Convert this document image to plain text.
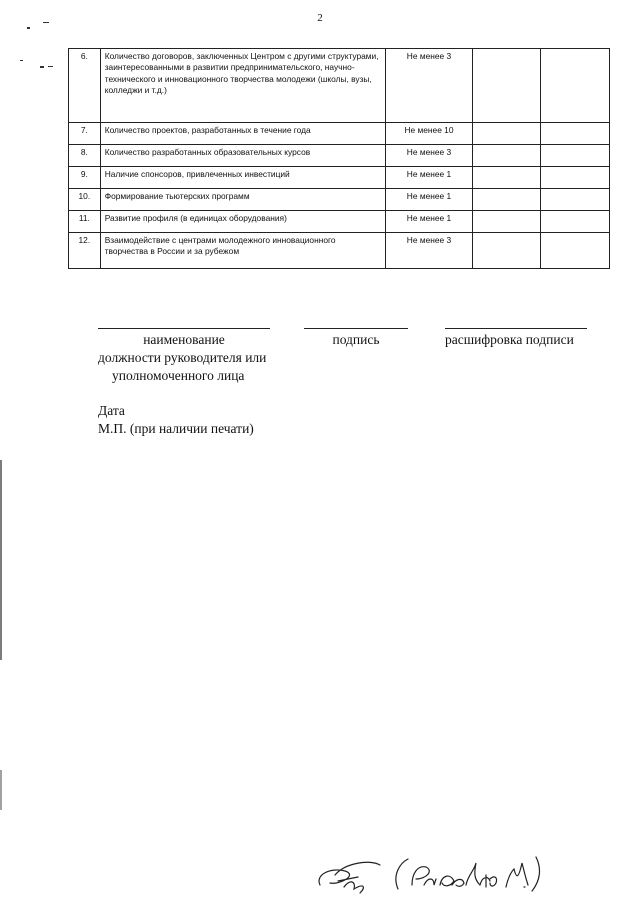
2
6.	Количество договоров, заключенных Центром с другими структурами, заинтересованными в развитии предпринимательского, научно-технического и инновационного творчества молодежи (школы, вузы, колледжи и т.д.)	Не менее 3		
7.	Количество проектов, разработанных в течение года	Не менее 10		
8.	Количество разработанных образовательных курсов	Не менее 3		
9.	Наличие спонсоров, привлеченных инвестиций	Не менее 1		
10.	Формирование тьютерских программ	Не менее 1		
11.	Развитие профиля (в единицах оборудования)	Не менее 1		
12.	Взаимодействие с центрами молодежного инновационного творчества в России и за рубежом	Не менее 3		
наименование
должности руководителя или
уполномоченного лица
подпись	расшифровка подписи
Дата
М.П. (при наличии печати)
